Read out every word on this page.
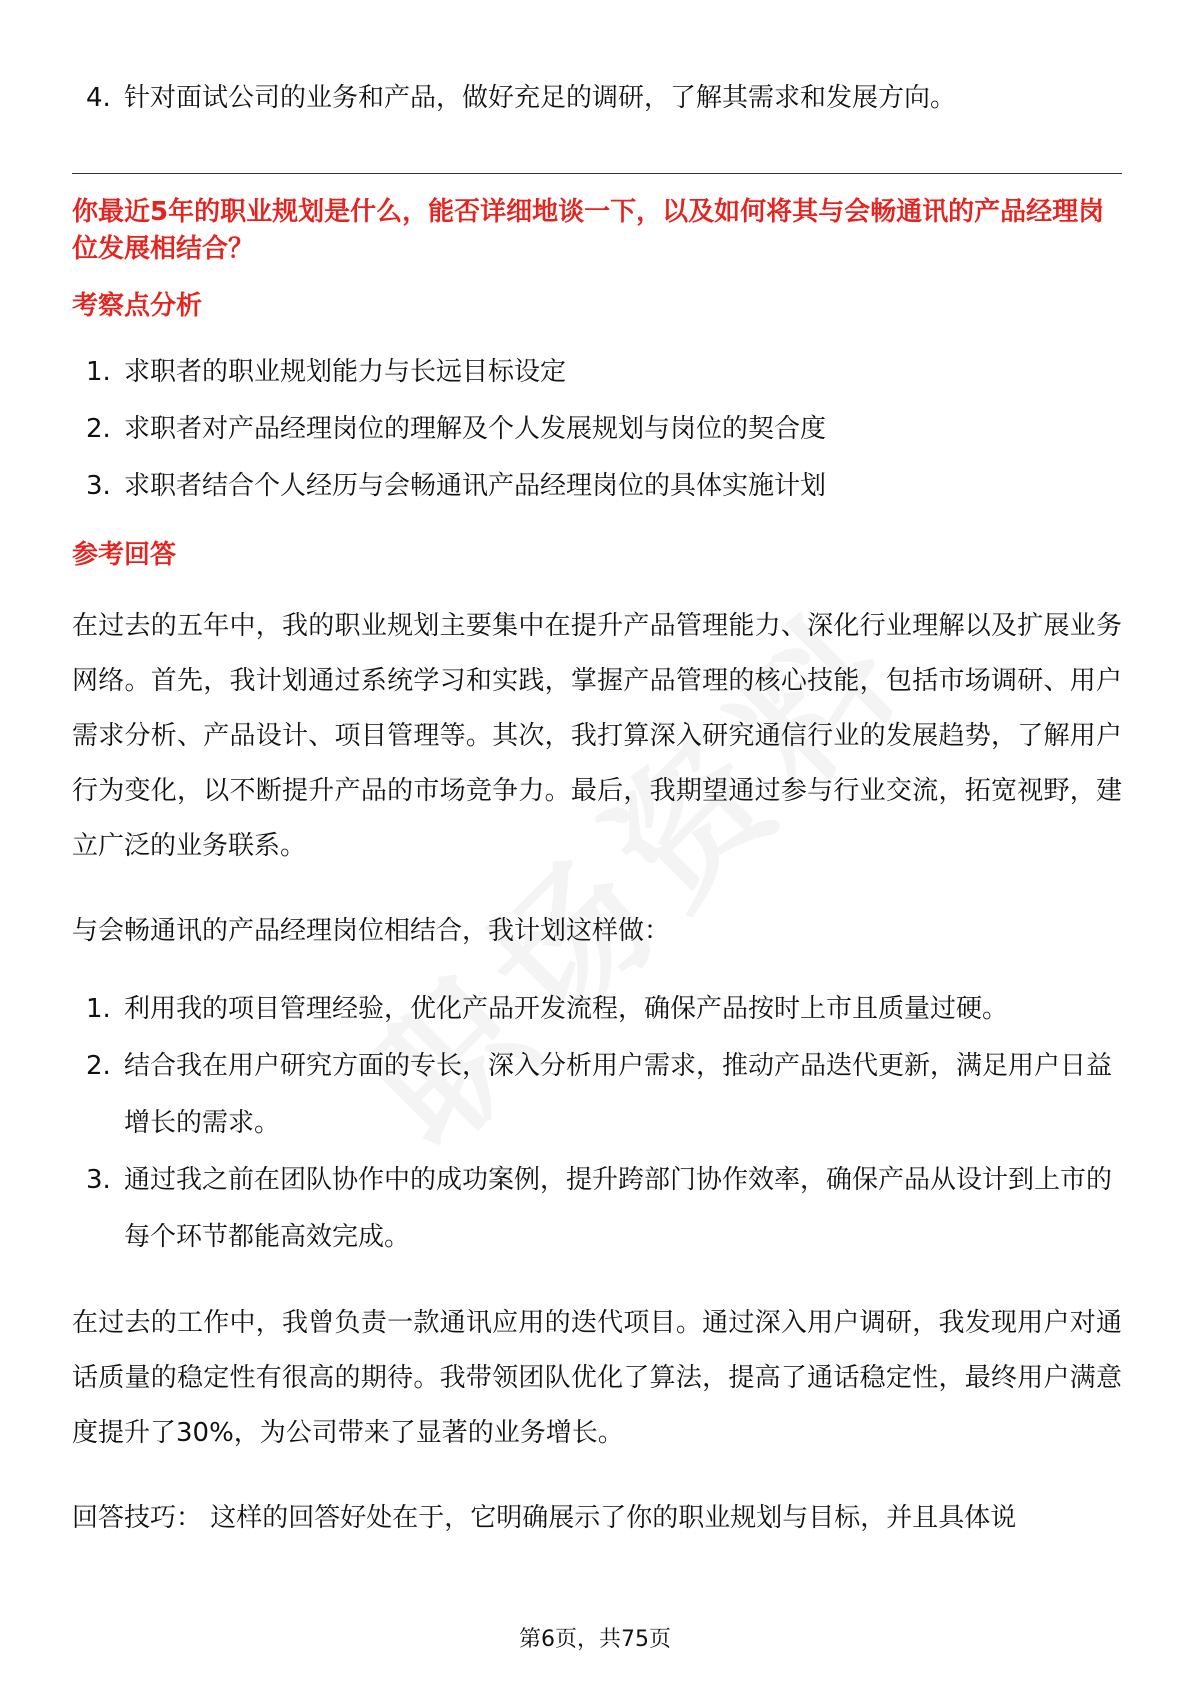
4. 针对面试公司的业务和产品，做好充足的调研，了解其需求和发展方向。
你最近5年的职业规划是什么，能否详细地谈一下，以及如何将其与会畅通讯的产品经理岗位发展相结合？
考察点分析
1. 求职者的职业规划能力与长远目标设定
2. 求职者对产品经理岗位的理解及个人发展规划与岗位的契合度
3. 求职者结合个人经历与会畅通讯产品经理岗位的具体实施计划
参考回答
在过去的五年中，我的职业规划主要集中在提升产品管理能力、深化行业理解以及扩展业务网络。首先，我计划通过系统学习和实践，掌握产品管理的核心技能，包括市场调研、用户需求分析、产品设计、项目管理等。其次，我打算深入研究通信行业的发展趋势，了解用户行为变化，以不断提升产品的市场竞争力。最后，我期望通过参与行业交流，拓宽视野，建立广泛的业务联系。
与会畅通讯的产品经理岗位相结合，我计划这样做：
1. 利用我的项目管理经验，优化产品开发流程，确保产品按时上市且质量过硬。
2. 结合我在用户研究方面的专长，深入分析用户需求，推动产品迭代更新，满足用户日益增长的需求。
3. 通过我之前在团队协作中的成功案例，提升跨部门协作效率，确保产品从设计到上市的每个环节都能高效完成。
在过去的工作中，我曾负责一款通讯应用的迭代项目。通过深入用户调研，我发现用户对通话质量的稳定性有很高的期待。我带领团队优化了算法，提高了通话稳定性，最终用户满意度提升了30%，为公司带来了显著的业务增长。
回答技巧： 这样的回答好处在于，它明确展示了你的职业规划与目标，并且具体说
第6页，共75页
